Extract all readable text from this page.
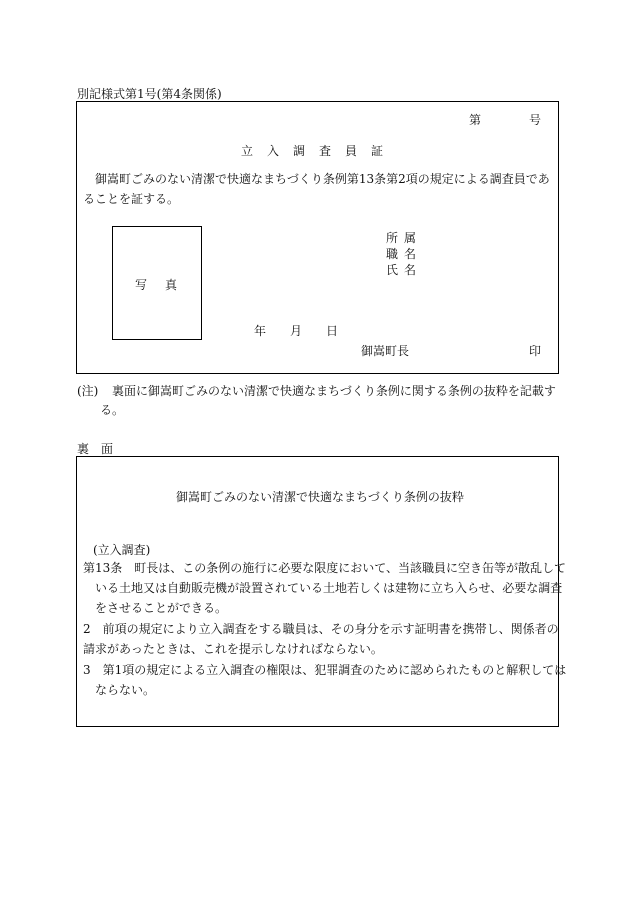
別記様式第1号(第4条関係)
第　　　　号
立入調査員証
御嵩町ごみのない清潔で快適なまちづくり条例第13条第2項の規定による調査員であることを証する。
写真
所属
職名
氏名
年　　月　　日
御嵩町長	印
(注) 裏面に御嵩町ごみのない清潔で快適なまちづくり条例に関する条例の抜粋を記載す
る。
裏　面
御嵩町ごみのない清潔で快適なまちづくり条例の抜粋
(立入調査)
第13条　町長は、この条例の施行に必要な限度において、当該職員に空き缶等が散乱して
いる土地又は自動販売機が設置されている土地若しくは建物に立ち入らせ、必要な調査
をさせることができる。
2　前項の規定により立入調査をする職員は、その身分を示す証明書を携帯し、関係者の
請求があったときは、これを提示しなければならない。
3　第1項の規定による立入調査の権限は、犯罪調査のために認められたものと解釈しては
ならない。
